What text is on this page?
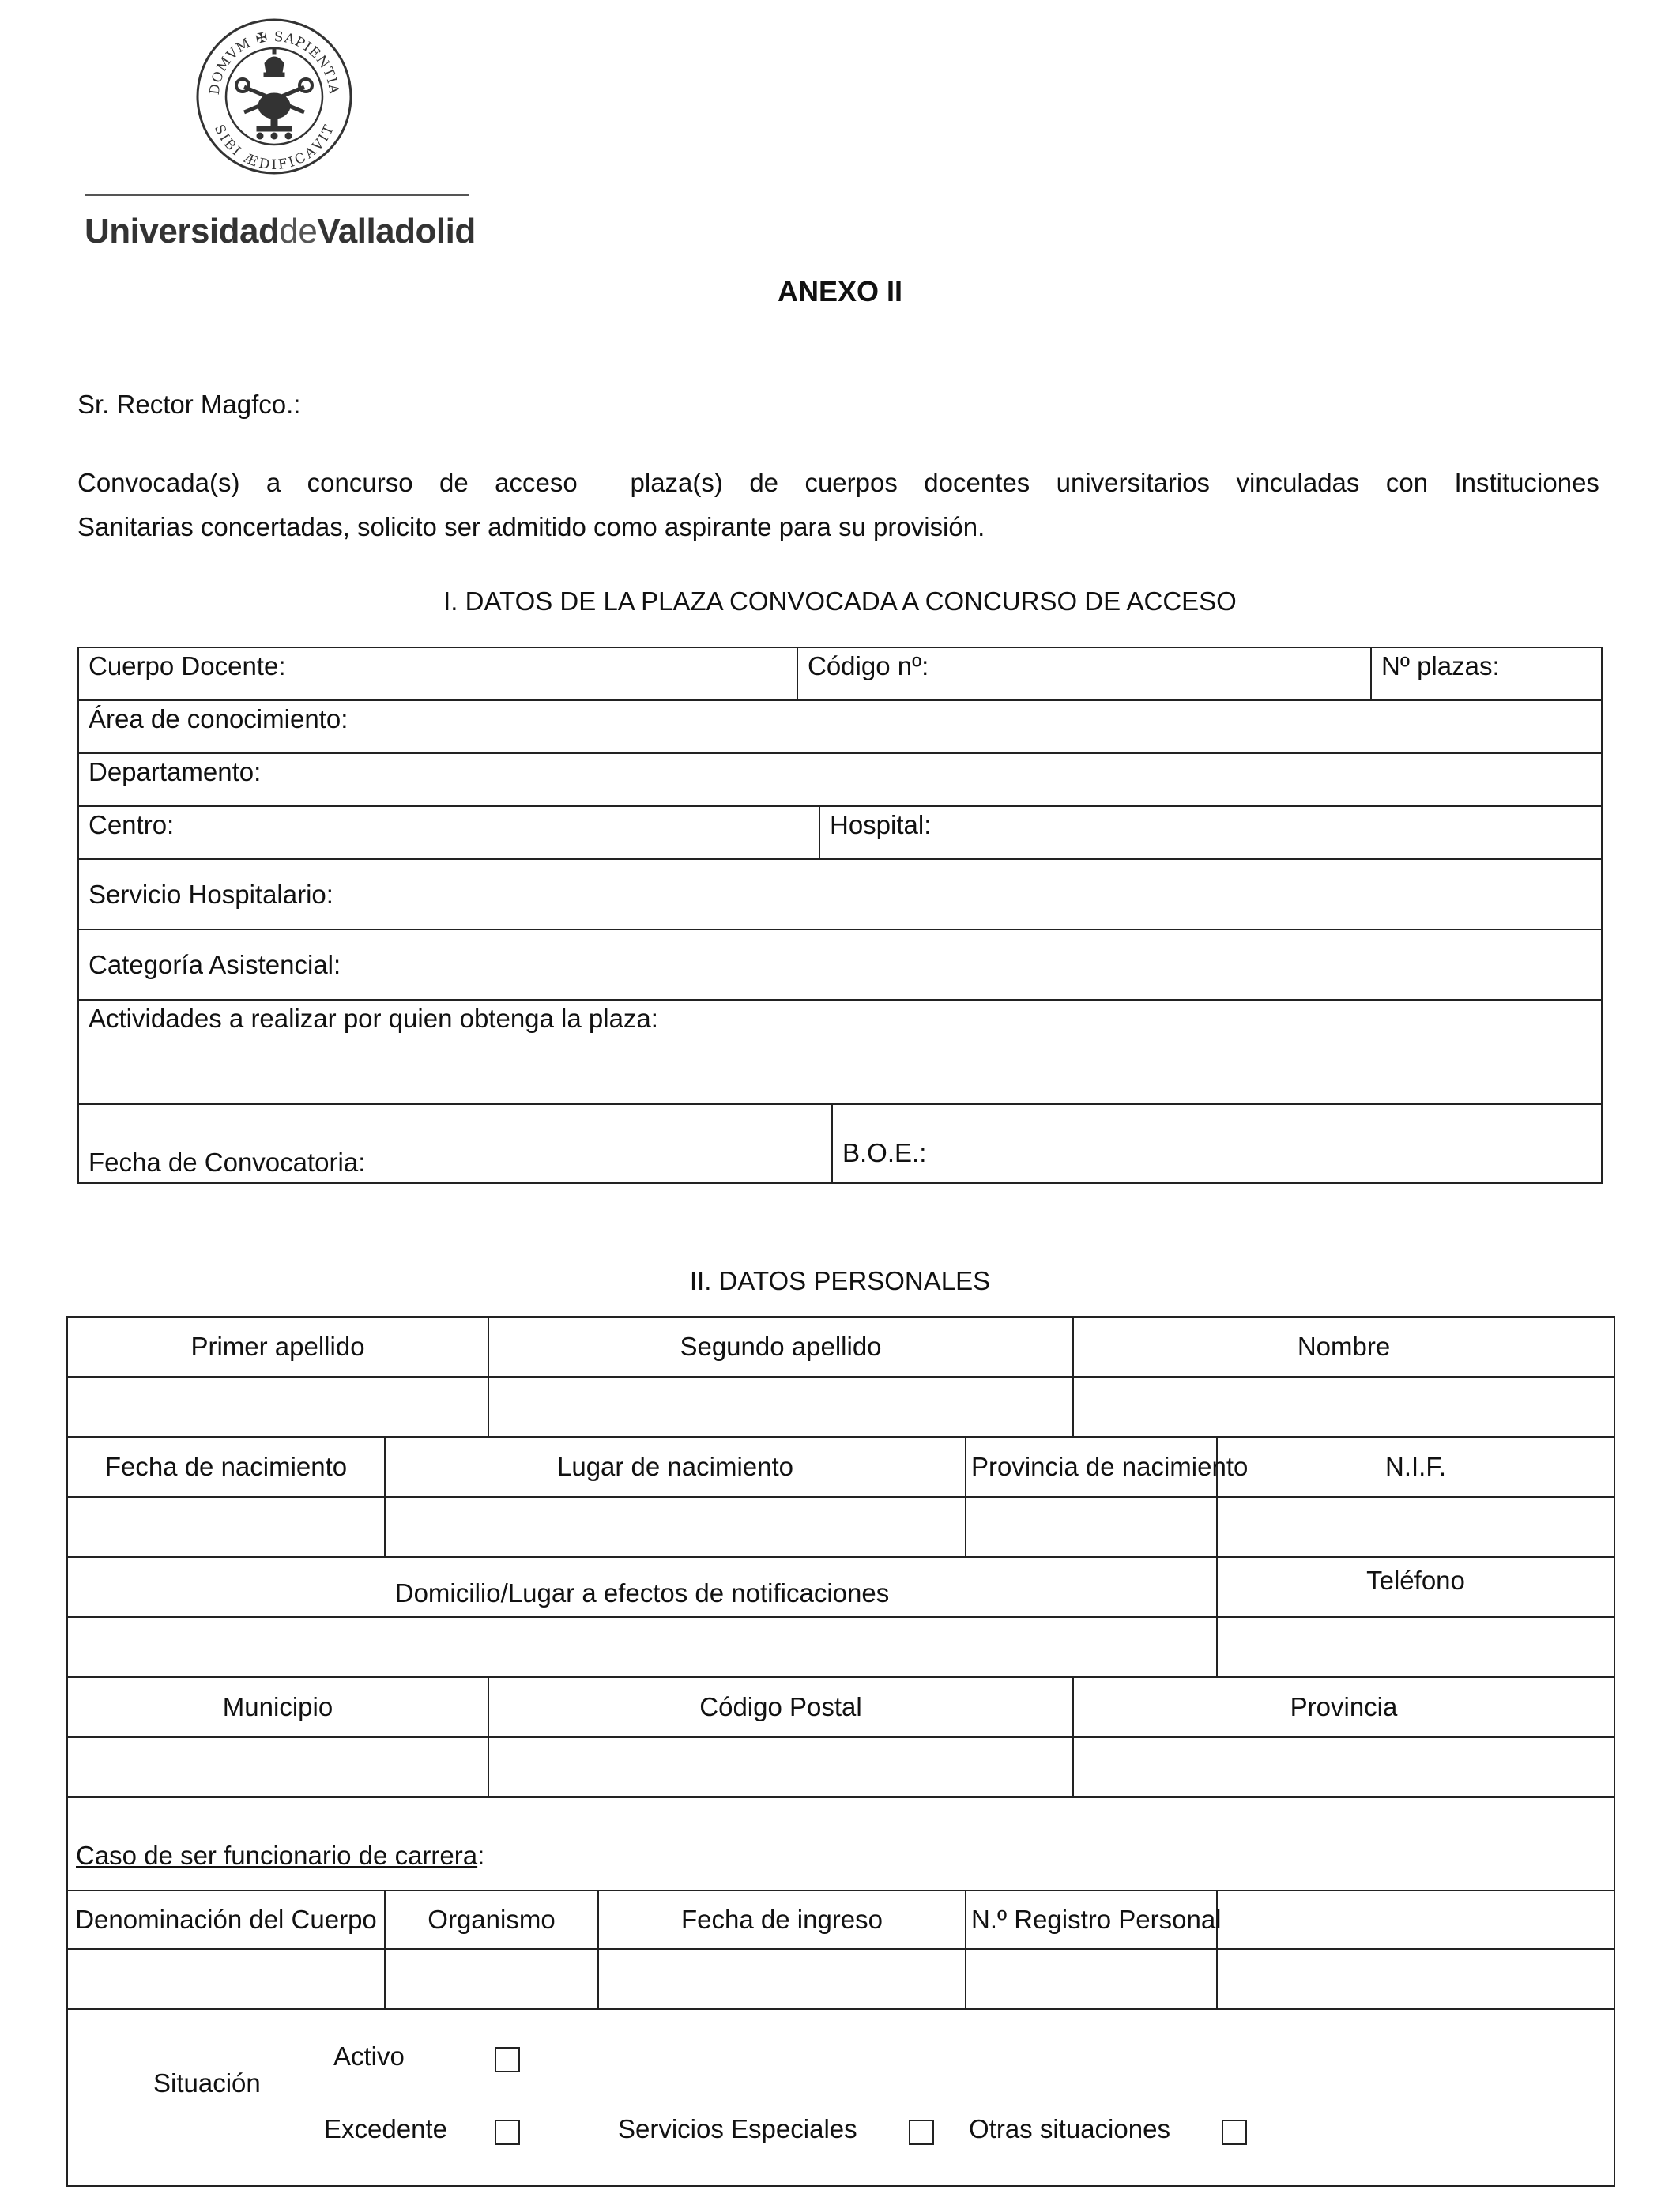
DOMVM ✠ SAPIENTIA
SIBI ÆDIFICAVIT
UniversidaddeValladolid
ANEXO II
Sr. Rector Magfco.:
Convocada(s) a concurso de acceso plaza(s) de cuerpos docentes universitarios vinculadas con Instituciones
Sanitarias concertadas, solicito ser admitido como aspirante para su provisión.
I. DATOS DE LA PLAZA CONVOCADA A CONCURSO DE ACCESO
Cuerpo Docente:	Código nº:			Nº plazas:
Área de conocimiento:				
Departamento:				
Centro:		Hospital:		
Servicio Hospitalario:				
Categoría Asistencial:				
Actividades a realizar por quien obtenga la plaza:				
Fecha de Convocatoria:			B.O.E.:	
II. DATOS PERSONALES
Primer apellido		Segundo apellido			Nombre	

Fecha de nacimiento	Lugar de nacimiento			Provincia de nacimiento		N.I.F.

Domicilio/Lugar a efectos de notificaciones						Teléfono

Municipio		Código Postal			Provincia	

Caso de ser funcionario de carrera:						
Denominación del Cuerpo	Organismo		Fecha de ingreso	N.º Registro Personal		

Situación
Activo
Excedente Servicios Especiales Otras situaciones						
